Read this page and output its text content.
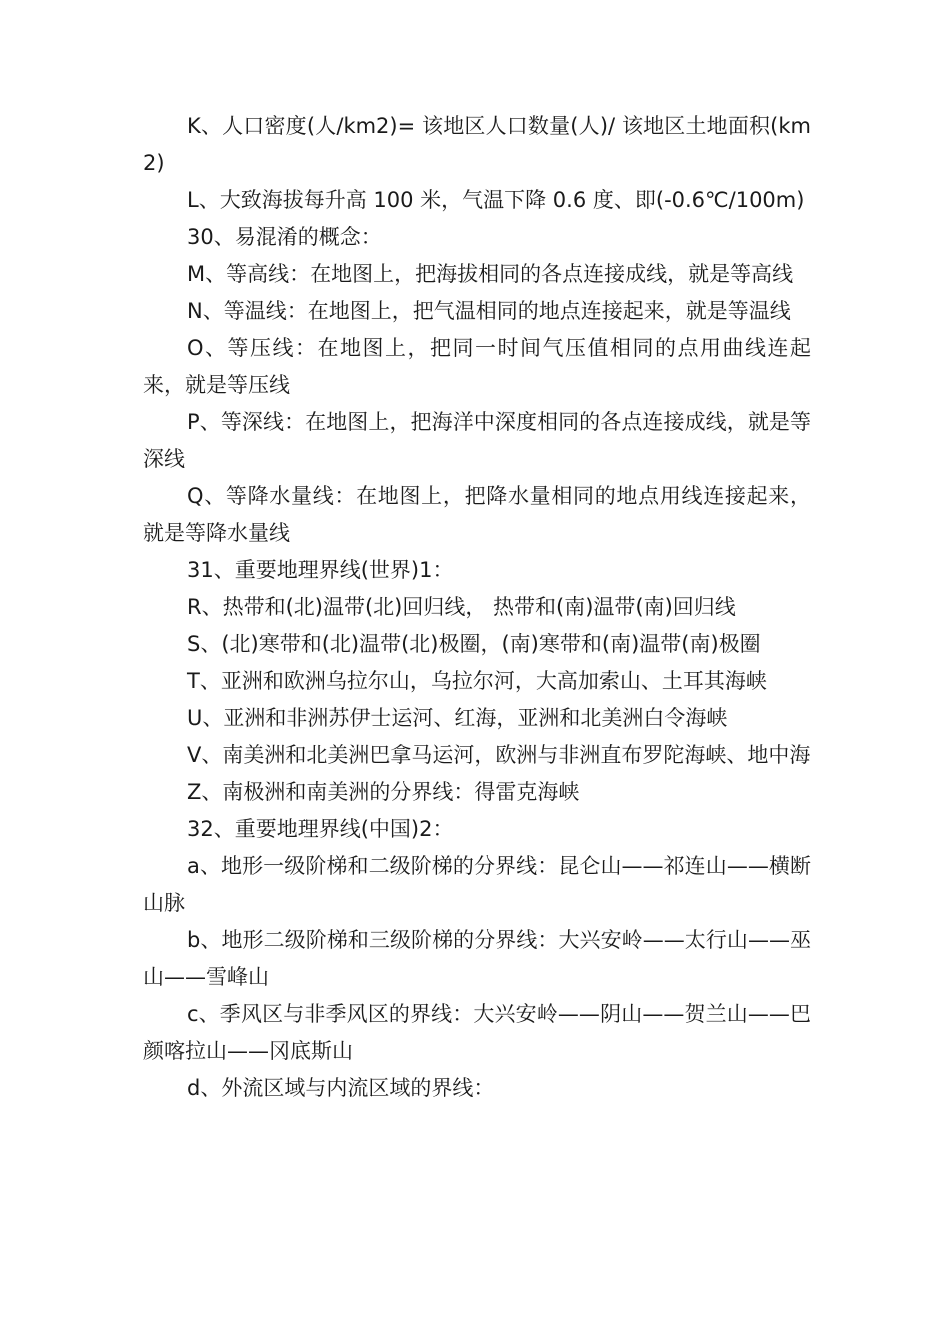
K、人口密度(人/km2)= 该地区人口数量(人)/ 该地区土地面积(km2)

L、大致海拔每升高 100 米，气温下降 0.6 度、即(-0.6℃/100m)

30、易混淆的概念：

M、等高线：在地图上，把海拔相同的各点连接成线，就是等高线

N、等温线：在地图上，把气温相同的地点连接起来，就是等温线

O、等压线：在地图上，把同一时间气压值相同的点用曲线连起来，就是等压线

P、等深线：在地图上，把海洋中深度相同的各点连接成线，就是等深线

Q、等降水量线：在地图上，把降水量相同的地点用线连接起来，就是等降水量线

31、重要地理界线(世界)1：

R、热带和(北)温带(北)回归线， 热带和(南)温带(南)回归线

S、(北)寒带和(北)温带(北)极圈，(南)寒带和(南)温带(南)极圈

T、亚洲和欧洲乌拉尔山，乌拉尔河，大高加索山、土耳其海峡

U、亚洲和非洲苏伊士运河、红海，亚洲和北美洲白令海峡

V、南美洲和北美洲巴拿马运河，欧洲与非洲直布罗陀海峡、地中海

Z、南极洲和南美洲的分界线：得雷克海峡

32、重要地理界线(中国)2：

a、地形一级阶梯和二级阶梯的分界线：昆仑山——祁连山——横断山脉

b、地形二级阶梯和三级阶梯的分界线：大兴安岭——太行山——巫山——雪峰山

c、季风区与非季风区的界线：大兴安岭——阴山——贺兰山——巴颜喀拉山——冈底斯山

d、外流区域与内流区域的界线：
